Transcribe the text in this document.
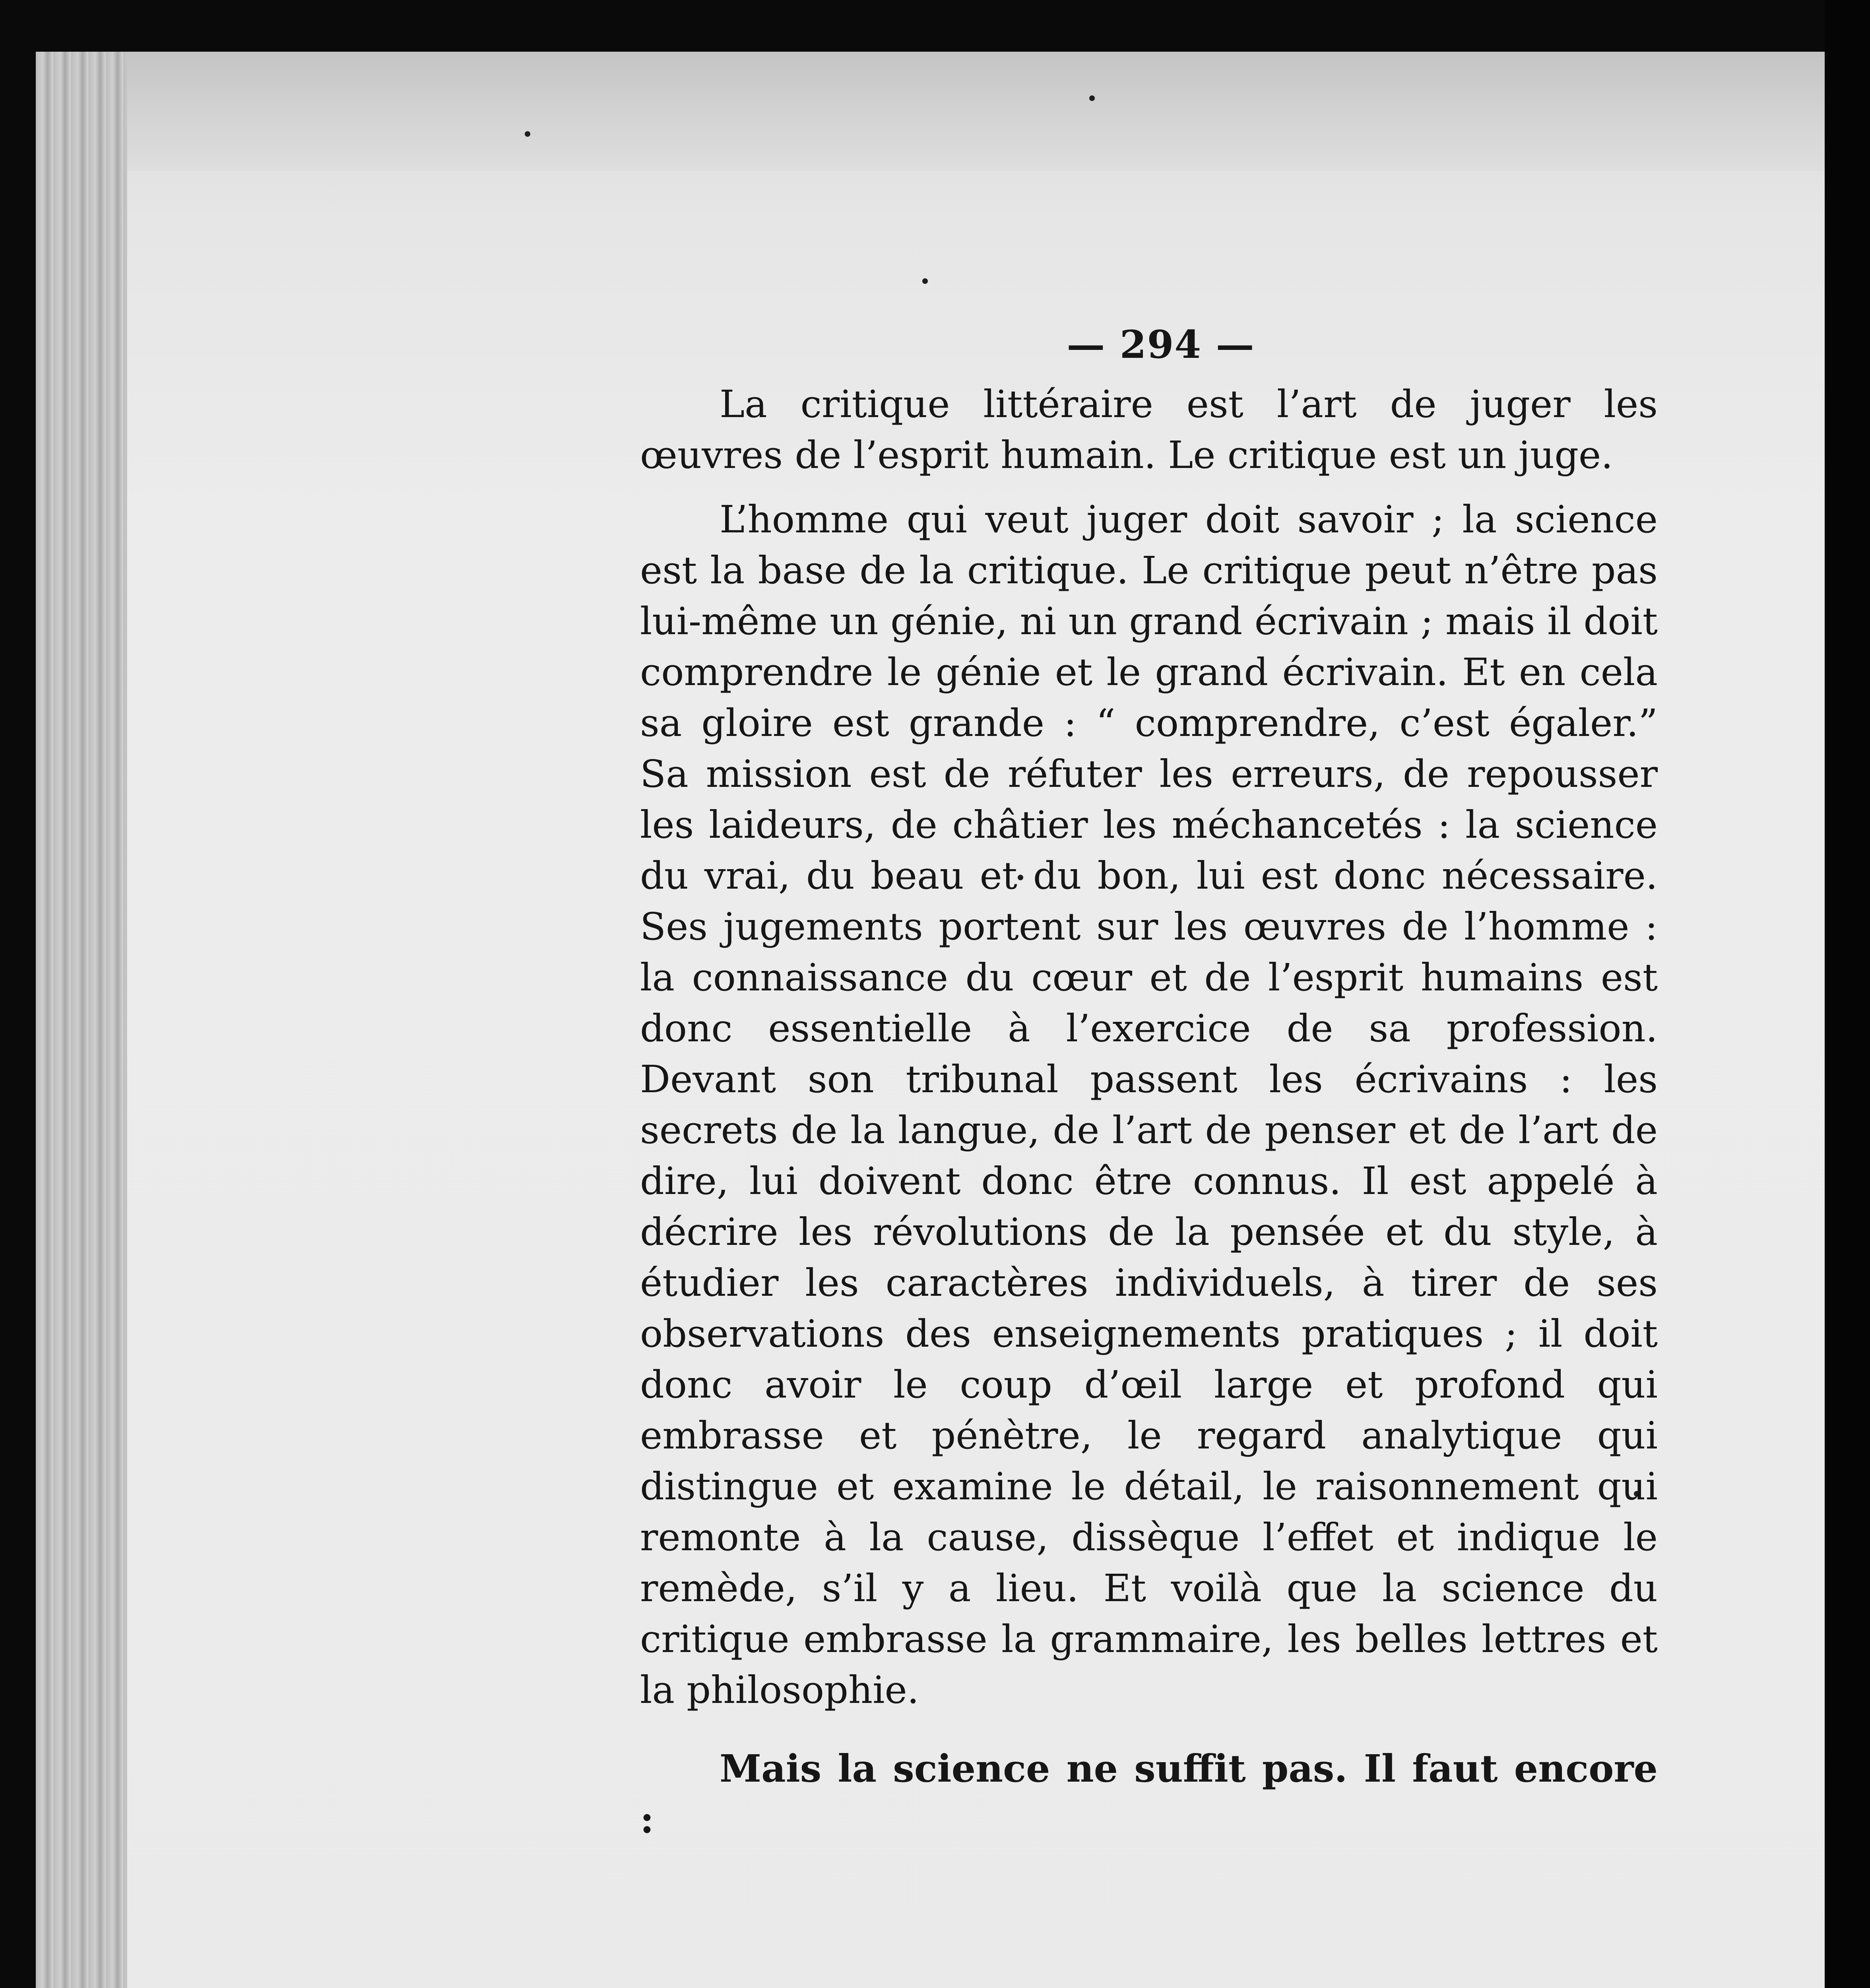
— 294 —

La critique littéraire est l’art de juger les œuvres de l’esprit humain. Le critique est un juge.

L’homme qui veut juger doit savoir ; la science est la base de la critique. Le critique peut n’être pas lui-même un génie, ni un grand écrivain ; mais il doit comprendre le génie et le grand écrivain. Et en cela sa gloire est grande : “ comprendre, c’est égaler.” Sa mission est de réfuter les erreurs, de repousser les laideurs, de châtier les méchancetés : la science du vrai, du beau et du bon, lui est donc nécessaire. Ses jugements portent sur les œuvres de l’homme : la connaissance du cœur et de l’esprit humains est donc essentielle à l’exercice de sa profession. Devant son tribunal passent les écrivains : les secrets de la langue, de l’art de penser et de l’art de dire, lui doivent donc être connus. Il est appelé à décrire les révolutions de la pensée et du style, à étudier les caractères individuels, à tirer de ses observations des enseignements pratiques ; il doit donc avoir le coup d’œil large et profond qui embrasse et pénètre, le regard analytique qui distingue et examine le détail, le raisonnement qui remonte à la cause, dissèque l’effet et indique le remède, s’il y a lieu. Et voilà que la science du critique embrasse la grammaire, les belles lettres et la philosophie.

Mais la science ne suffit pas. Il faut encore :
